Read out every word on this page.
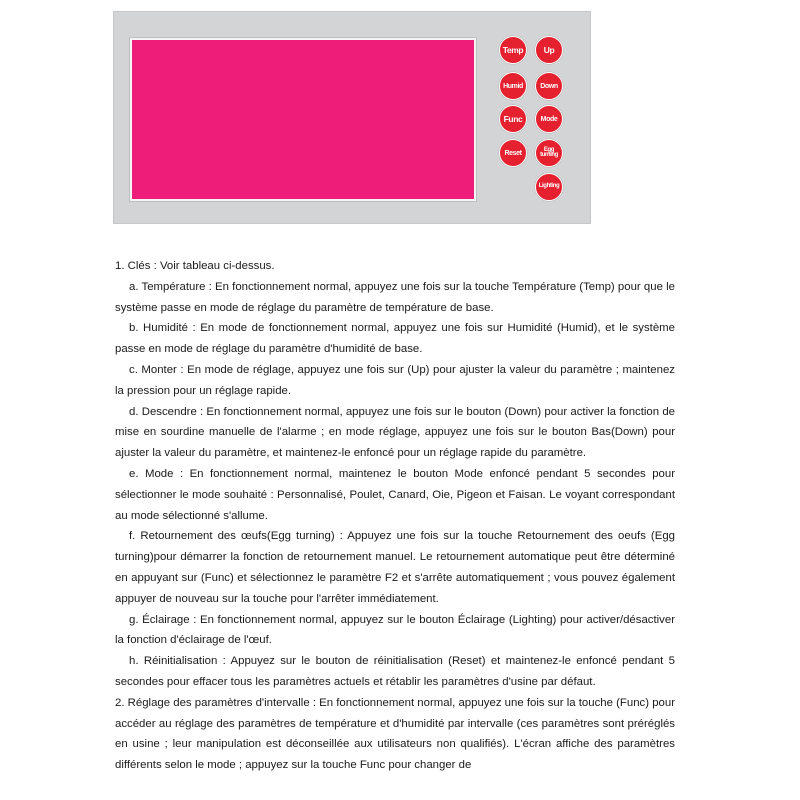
Temp Up
Humid Down
Func	Mode
Reset	Egg
turning
Lighting

1. Clés : Voir tableau ci-dessus.

a. Température : En fonctionnement normal, appuyez une fois sur la touche Température (Temp) pour que le système passe en mode de réglage du paramètre de température de base.

b. Humidité : En mode de fonctionnement normal, appuyez une fois sur Humidité (Humid), et le système passe en mode de réglage du paramètre d'humidité de base.

c. Monter : En mode de réglage, appuyez une fois sur (Up) pour ajuster la valeur du paramètre ; maintenez la pression pour un réglage rapide.

d. Descendre : En fonctionnement normal, appuyez une fois sur le bouton (Down) pour activer la fonction de mise en sourdine manuelle de l'alarme ; en mode réglage, appuyez une fois sur le bouton Bas(Down) pour ajuster la valeur du paramètre, et maintenez-le enfoncé pour un réglage rapide du paramètre.

e. Mode : En fonctionnement normal, maintenez le bouton Mode enfoncé pendant 5 secondes pour sélectionner le mode souhaité : Personnalisé, Poulet, Canard, Oie, Pigeon et Faisan. Le voyant correspondant au mode sélectionné s'allume.

f. Retournement des œufs(Egg turning) : Appuyez une fois sur la touche Retournement des oeufs (Egg turning)pour démarrer la fonction de retournement manuel. Le retournement automatique peut être déterminé en appuyant sur (Func) et sélectionnez le paramètre F2 et s'arrête automatiquement ; vous pouvez également appuyer de nouveau sur la touche pour l'arrêter immédiatement.

g. Éclairage : En fonctionnement normal, appuyez sur le bouton Éclairage (Lighting) pour activer/désactiver la fonction d'éclairage de l'œuf.

h. Réinitialisation : Appuyez sur le bouton de réinitialisation (Reset) et maintenez-le enfoncé pendant 5 secondes pour effacer tous les paramètres actuels et rétablir les paramètres d'usine par défaut.

2. Réglage des paramètres d'intervalle : En fonctionnement normal, appuyez une fois sur la touche (Func) pour accéder au réglage des paramètres de température et d'humidité par intervalle (ces paramètres sont préréglés en usine ; leur manipulation est déconseillée aux utilisateurs non qualifiés). L'écran affiche des paramètres différents selon le mode ; appuyez sur la touche Func pour changer de
